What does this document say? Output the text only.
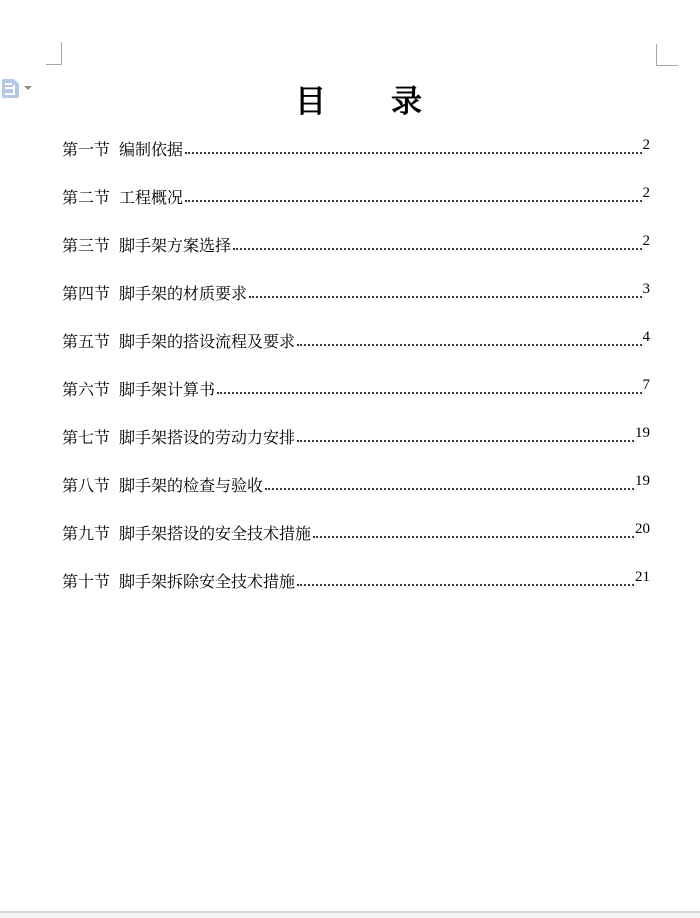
目　　录
第一节 编制依据	2
第二节 工程概况	2
第三节 脚手架方案选择	2
第四节 脚手架的材质要求	3
第五节 脚手架的搭设流程及要求	4
第六节 脚手架计算书	7
第七节 脚手架搭设的劳动力安排	19
第八节 脚手架的检查与验收	19
第九节 脚手架搭设的安全技术措施	20
第十节 脚手架拆除安全技术措施	21
